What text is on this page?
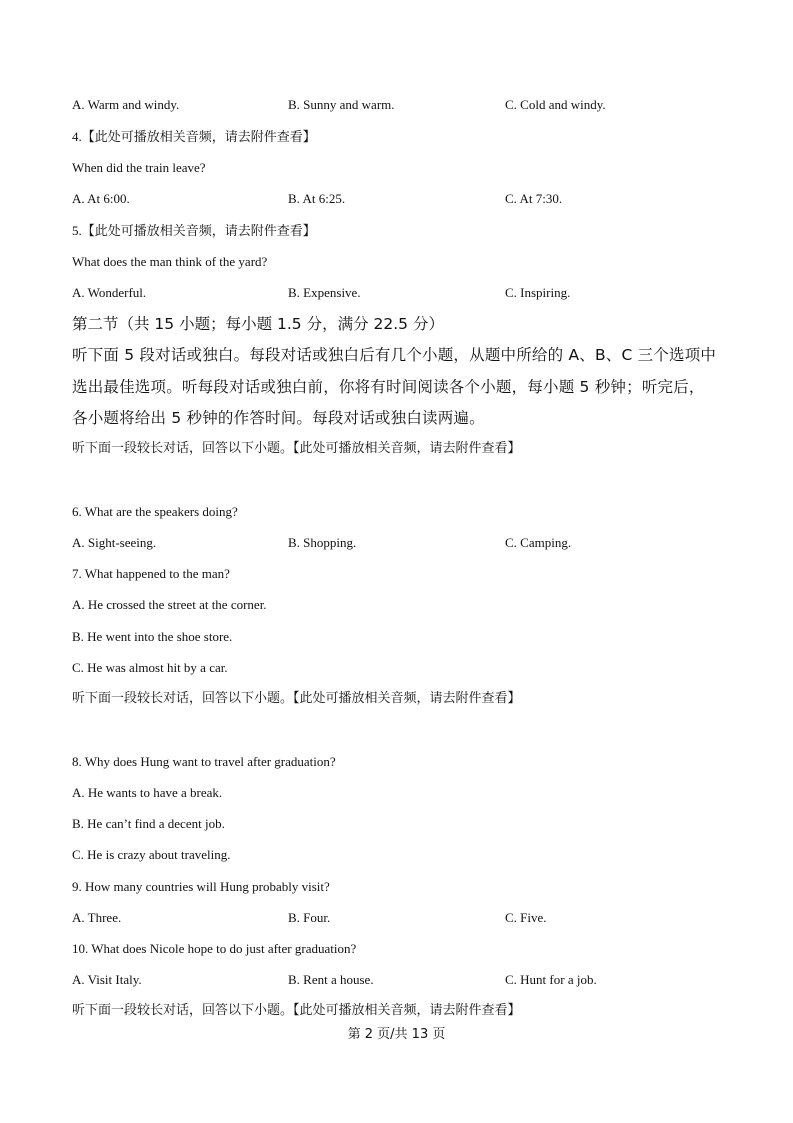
A. Warm and windy.	B. Sunny and warm.	C. Cold and windy.
4.【此处可播放相关音频，请去附件查看】
When did the train leave?
A. At 6:00.	B. At 6:25.	C. At 7:30.
5.【此处可播放相关音频，请去附件查看】
What does the man think of the yard?
A. Wonderful.	B. Expensive.	C. Inspiring.
第二节（共 15 小题；每小题 1.5 分，满分 22.5 分）
听下面 5 段对话或独白。每段对话或独白后有几个小题，从题中所给的 A、B、C 三个选项中
选出最佳选项。听每段对话或独白前，你将有时间阅读各个小题，每小题 5 秒钟；听完后，
各小题将给出 5 秒钟的作答时间。每段对话或独白读两遍。
听下面一段较长对话，回答以下小题。【此处可播放相关音频，请去附件查看】
6. What are the speakers doing?
A. Sight-seeing.	B. Shopping.	C. Camping.
7. What happened to the man?
A. He crossed the street at the corner.
B. He went into the shoe store.
C. He was almost hit by a car.
听下面一段较长对话，回答以下小题。【此处可播放相关音频，请去附件查看】
8. Why does Hung want to travel after graduation?
A. He wants to have a break.
B. He can’t find a decent job.
C. He is crazy about traveling.
9. How many countries will Hung probably visit?
A. Three.	B. Four.	C. Five.
10. What does Nicole hope to do just after graduation?
A. Visit Italy.	B. Rent a house.	C. Hunt for a job.
听下面一段较长对话，回答以下小题。【此处可播放相关音频，请去附件查看】
第 2 页/共 13 页
